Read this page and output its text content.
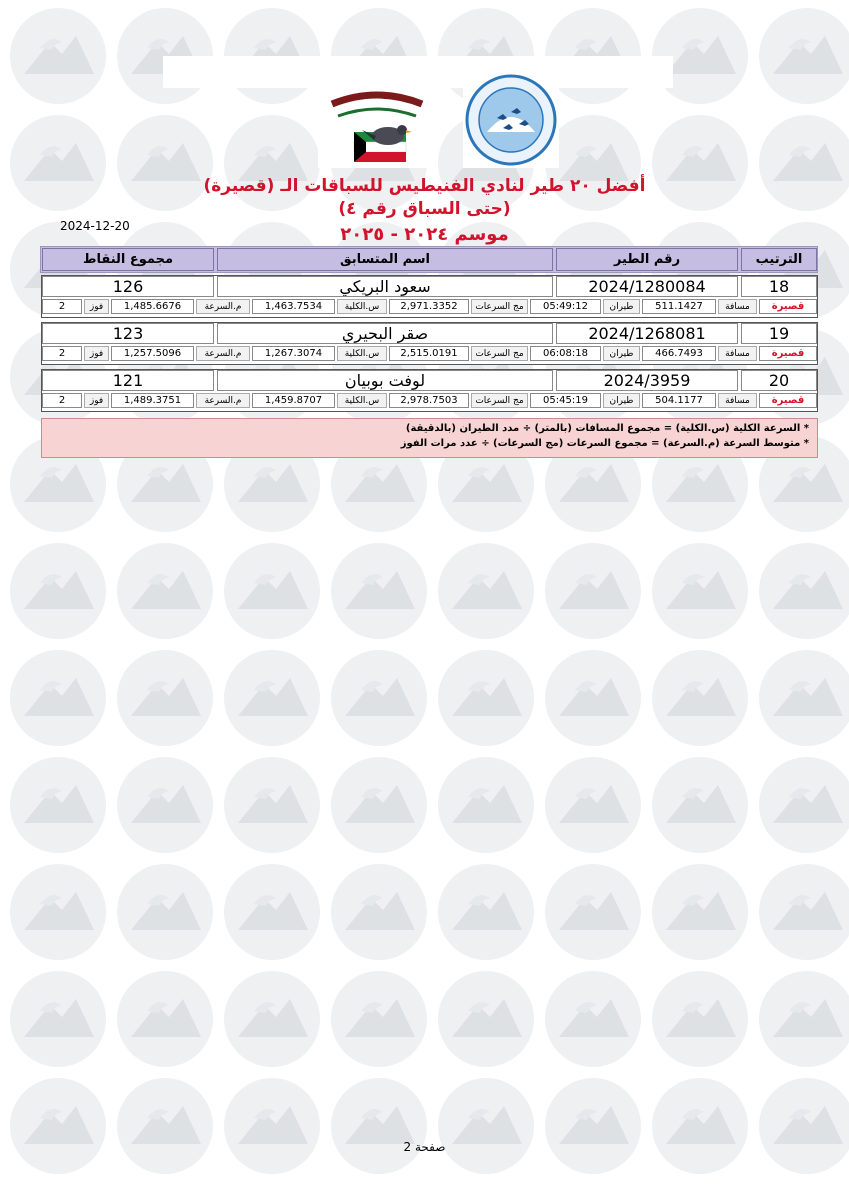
أفضل ٢٠ طير لنادي الفنيطيس للسباقات الـ (قصيرة)
(حتى السباق رقم ٤)
موسم ٢٠٢٤ - ٢٠٢٥
2024-12-20
الترتيب
رقم الطير
اسم المتسابق
مجموع النقاط
18
2024/1280084
سعود البريكي
126
قصيرة
مسافة
511.1427
طيران
05:49:12
مج السرعات
2,971.3352
س.الكلية
1,463.7534
م.السرعة
1,485.6676
فوز
2
19
2024/1268081
صقر البحيري
123
قصيرة
مسافة
466.7493
طيران
06:08:18
مج السرعات
2,515.0191
س.الكلية
1,267.3074
م.السرعة
1,257.5096
فوز
2
20
2024/3959
لوفت بوبيان
121
قصيرة
مسافة
504.1177
طيران
05:45:19
مج السرعات
2,978.7503
س.الكلية
1,459.8707
م.السرعة
1,489.3751
فوز
2
* السرعة الكلية (س.الكلية) = مجموع المسافات (بالمتر) ÷ مدد الطيران (بالدقيقة)
* متوسط السرعة (م.السرعة) = مجموع السرعات (مج السرعات) ÷ عدد مرات الفوز
صفحة 2
